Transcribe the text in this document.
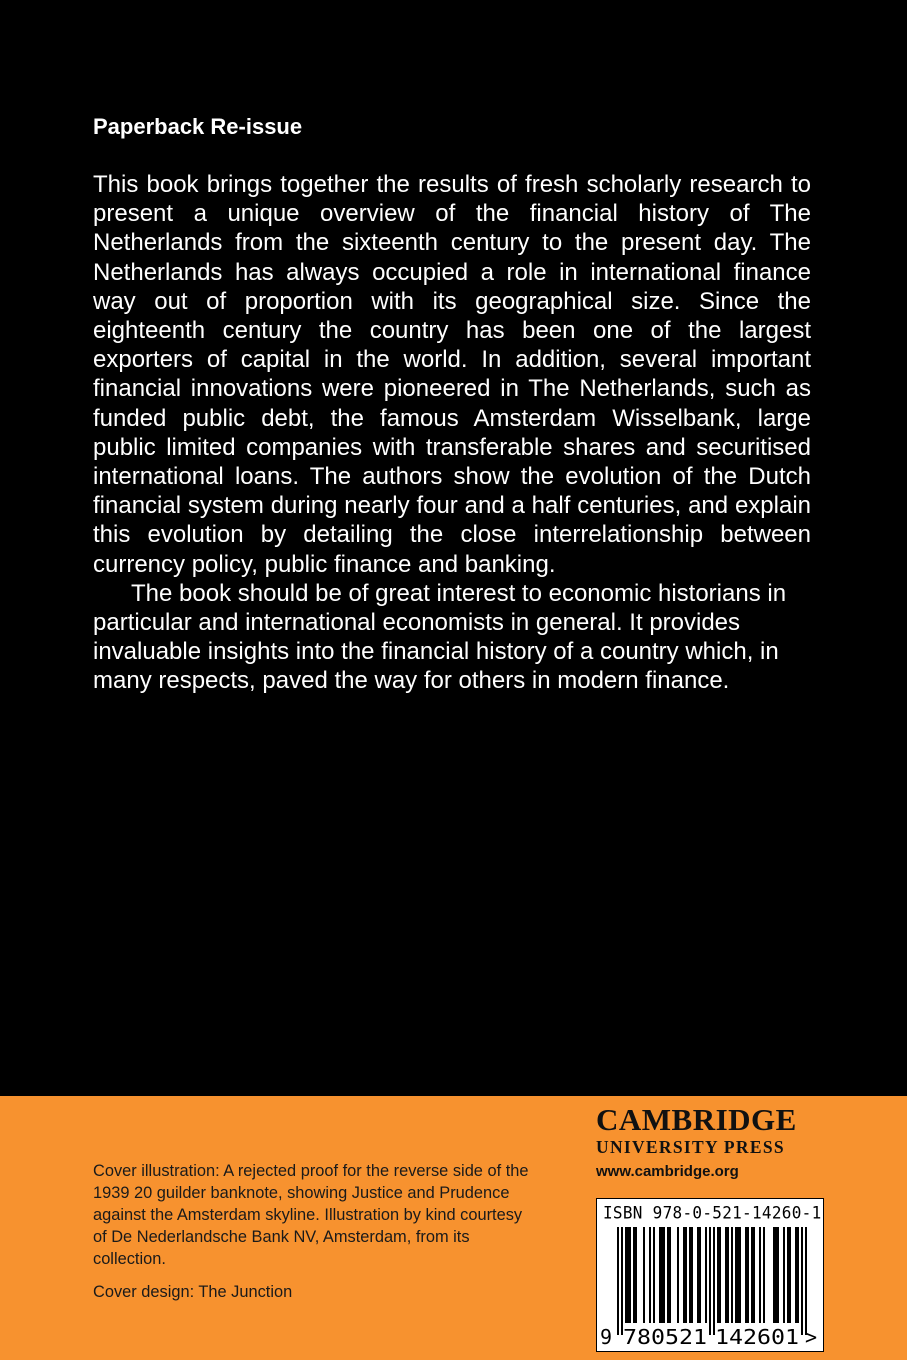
Paperback Re-issue

This book brings together the results of fresh scholarly research to present a unique overview of the financial history of The Netherlands from the sixteenth century to the present day. The Netherlands has always occupied a role in international finance way out of proportion with its geographical size. Since the eighteenth century the country has been one of the largest exporters of capital in the world. In addition, several important financial innovations were pioneered in The Netherlands, such as funded public debt, the famous Amsterdam Wisselbank, large public limited companies with transferable shares and securitised international loans. The authors show the evolution of the Dutch financial system during nearly four and a half centuries, and explain this evolution by detailing the close interrelationship between currency policy, public finance and banking.

The book should be of great interest to economic historians in particular and international economists in general. It provides invaluable insights into the financial history of a country which, in many respects, paved the way for others in modern finance.

Cover illustration: A rejected proof for the reverse side of the 1939 20 guilder banknote, showing Justice and Prudence against the Amsterdam skyline. Illustration by kind courtesy of De Nederlandsche Bank NV, Amsterdam, from its collection.

Cover design: The Junction

CAMBRIDGE
UNIVERSITY PRESS
www.cambridge.org
9 780521 142601 >
ISBN 978-0-521-14260-1
